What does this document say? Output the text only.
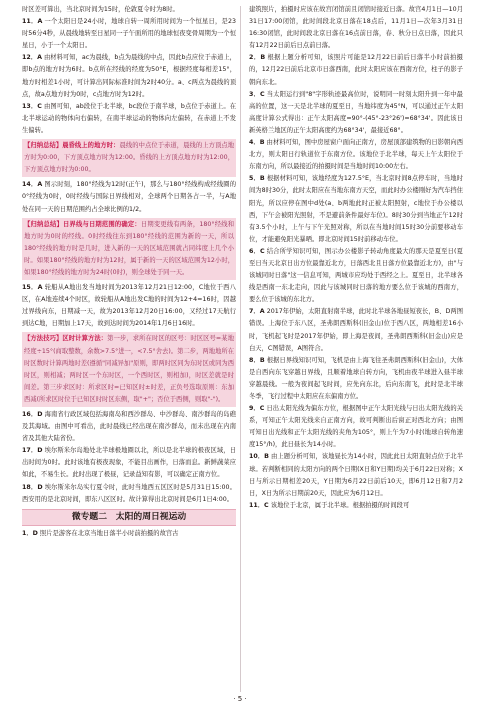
时区差可算出，当北京时间为15时，伦敦夏令时为8时。

11．A 一个太阳日是24小时，地球自转一周所用时间为一个恒星日，是23时56分4秒，从晨线地转至日星同一子午面所用的地球恒夜变骨周期为一个恒星日，小于一个太阳日。

12．A 由材料可知，ac为晨线，b点为晨线的中点，因此b点应位于赤道上，即b点的地方时为6时。b点所在经线的经度为50°E，根据经度每相差15°，地方时相差1小时，可计算出同际标准时间为2时40分。a、c两点为晨线的顶点，故a点地方时为0时，c点地方时为12时。

13．C 由图可知，ab段位于北半球，bc段位于南半球，b点位于赤道上。在北半球运动的物体向右偏转，在南半球运动的物体向左偏转，在赤道上不发生偏转。

【归纳总结】晨昏线上的地方时：晨线的中点位于赤道，晨线的上方顶点地方时为0:00，下方顶点地方时为12:00。昏线的上方顶点地方时为12:00，下方顶点地方时为0:00。

14．A 图示时刻，180°经线为12时(正午)，那么与180°经线构成经线圈的0°经线为0时，0时经线与国际日界线相对，全球两个日期各占一半，与A地处在同一天的日期范围约占全球比例的1/2。

【归纳总结】日界线与日期范围的确定：日期变更线有两条，180°经线和地方时为0时的经线。0时经线往东到180°经线的范围为新的一天，所以180°经线的地方时是几时，进入新的一天的区域范围就占同纬度上几个小时。如果180°经线的地方时为12时，属于新的一天的区域范围为12小时，如果180°经线的地方时为24时(0时)，则全球处于同一天。

15．A 轮船从A地出发当地时间为2013年12月21日12:00，C地位于西八区，在A地连续4个时区，故轮船从A地出发C地的时间为12+4=16时，因越过界线向东，日期减一天，故为2013年12月20日16:00，又经过17天航行到达C地，日期加上17天，故到达时间为2014年1月6日16时。

【方法技巧】区时计算方法：第一步，求所在时区的区号：时区区号=某地经度÷15°(商取整数，余数>7.5°进一，<7.5°舍去)。第二步，两地地所在时区数时计算两地时差(遵循"同减异加"原则，即两时区同为东时区或同为西时区，则相减；两时区一个东时区，一个西时区，则相加)，时区差就是时间差。第三步求区时：所求区时=已知区时±时差，正负号选取原则：东加西减(所求区时位于已知区时时区东侧，取"+"；否位于西侧，则取"-")。

16．D 海南省行政区域包括海南岛和西沙群岛、中沙群岛、南沙群岛的岛礁及其海域。由图中可看出，此时晨线已经出现在南沙群岛，而未出现在内南省及其他大陆省份。

17．D 埃尔斯米尔岛地处北半球极地圈以北，所以是北半球的极夜区域，日出时间为0时。此时该地有极夜现象，不能目出画作，日落而息。新鲜蔬菜应如此，不易生长。此时出现了极昼，记录益知有影，可以确定正南方位。

18．D 埃尔斯米尔岛实行夏令时，此时当地西五区区时是5月31日15:00。西安用的是北京时间，即东八区区时。故计算得出北京时间是6月1日4:00。

微专题二　太阳的周日视运动

1．D 照片是游客在北京当地日落半小时前拍摄的故宫古

建筑照片，拍摄时应该在故宫闭馆前且闭馆时接近日落。故宫4月1日—10月31日17:00闭馆，此时间段北京日落在18点后，11月1日—次年3月31日16:30闭馆，此时间段北京日落在16点前日落，春、秋分日点日落，因此只有12月22日前后日点前日落。

2．B 根据上题分析可知，该照片可能是12月22日前后日落半小时前拍摄的，12月22日前后北京市日落西南，此时太阳应该在西南方位，柱子的影子朝向东北。

3．C 当太阳运行到"8"字形轨迹最高位时，说明同一时刻太阳升到一年中最高的位置，这一天是北半球的夏至日，当地纬度为45°N，可以通过正午太阳高度计算公式得出：正午太阳高度=90°-(45°-23°26')=68°34'。因此该日新英格兰地区的正午太阳高度约为68°34'，最接近68°。

4．B 由材料可知，图中房屋窗户面向正南方，房屋顶部建筑物的日影朝向西北方，则太阳日行轨道位于东南方位。该地位于北半球，每天上午太阳位于东南方向，所以最接近的拍摄时间是当地时间10:00左右。

5．B 根据材料可知，该地经度为127.5°E，当北京时间8点停车时，当地时间为8时30分，此时太阳应在当地东南方天空，而此时办公楼刚好为汽车挡住阳光，所以应停在图中d处(a、b两地此时正被太阳照射，c地位于办公楼以西，下午会被阳光照射，不是避前条件最好车位)。8时30分到当地正午12时有3.5个小时，上午与下午光照对称，所以在当地时间15时30分前要移动车位，才能避免阳光暴晒。即北京时间15时前移动车位。

6．C 结合所学知识可知，图示办公楼影子转动角度最大的那天是夏至日(夏至日当天北京日出方位最靠近北方，日落西北且日落方位最靠近北方)，由"与该城同时日落"这一信息可知，两城市应均处于西经之上。夏至日，北半球各线是西南一东北走向，因此与该城同时日落的地方要么位于该城的西南方，要么位于该城的东北方。

7．A 2017年伊始，太阳直射南半球，此时北半球各地昼短夜长，B、D两图错误。上海位于东八区，圣弗朗西斯科(旧金山)位于西八区，两地相差16小时，飞机起飞时是2017年伊始，即上海是夜间，圣弗朗西斯科(旧金山)应是白天，C图错误，A图符合。

8．B 根据日界线知识可知，飞机是由上海飞往圣弗朗西斯科(旧金山)，大体是自西向东飞穿越日界线，且顺着地球自转方向，飞机由夜半球进入昼半球穿越晨线。一般为夜间起飞时间，应先向东北，后向东南飞，此时是北半球冬季，飞行过程中太阳应在东偏南方位。

9．C 日出太阳光线为偏东方位，根据图中正午太阳光线与日出太阳光线的关系，可知正午太阳光线来自正南方向，故可判断出后窗正对西北方向；由图可知日出光线和正午太阳光线的夹角为105°，则上午为7小时(地球自转角速度15°/h)，此日昼长为14小时。

10．B 由上题分析可知，该地昼长为14小时，因此此日太阳直射点位于北半球。若判断相同的太阳方向的两个日期(X日和Y日期)均关于6月22日对称；X日与所示日期相差20天，Y日期为6月22日前后10天，即6月12日和7月2日，X日为所示日期前20天，因此应为6月12日。

11．C 该地位于北京，属于北半球。根据拍摄的时间段可

· 5 ·
